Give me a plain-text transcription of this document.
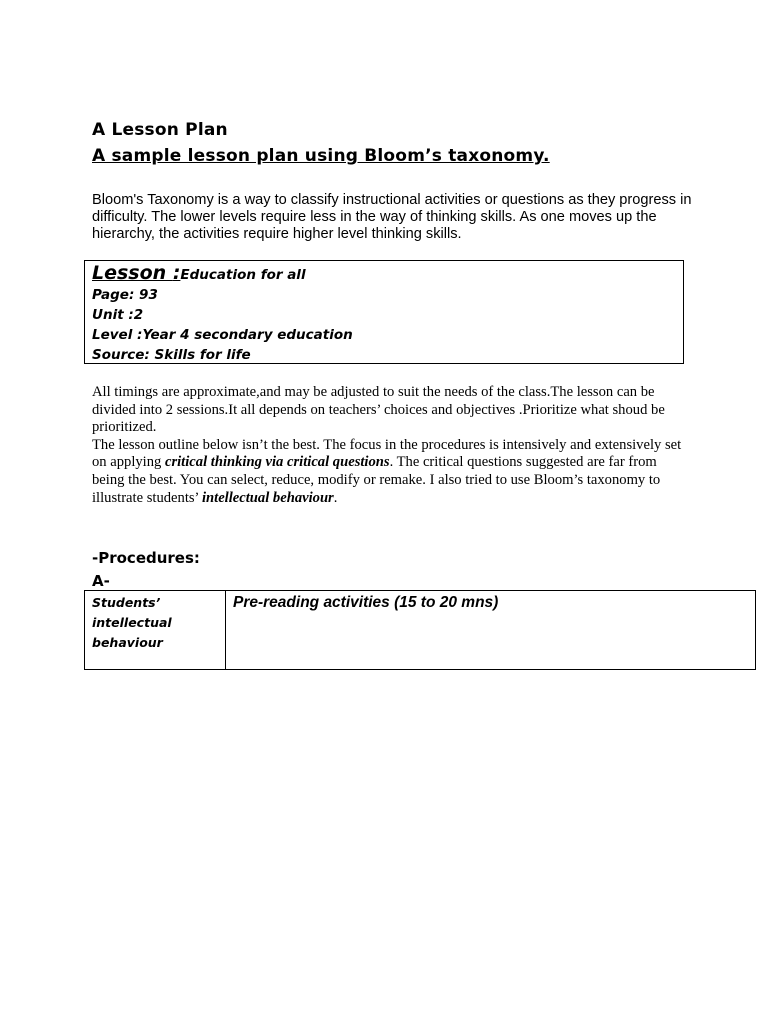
A Lesson Plan
A sample lesson plan using Bloom’s taxonomy.

Bloom's Taxonomy is a way to classify instructional activities or questions as they progress in difficulty. The lower levels require less in the way of thinking skills. As one moves up the hierarchy, the activities require higher level thinking skills.

Lesson :Education for all
Page: 93
Unit :2
Level :Year 4 secondary education
Source: Skills for life

All timings are approximate,and may be adjusted to suit the needs of the class.The lesson can be divided into 2 sessions.It all depends on teachers’ choices and objectives .Prioritize what shoud be prioritized.

The lesson outline below isn’t the best. The focus in the procedures is intensively and extensively set on applying critical thinking via critical questions. The critical questions suggested are far from being the best. You can select, reduce, modify or remake. I also tried to use Bloom’s taxonomy to illustrate students’ intellectual behaviour.

-Procedures:
A-
Students’ intellectual behaviour	Pre-reading activities (15 to 20 mns)
